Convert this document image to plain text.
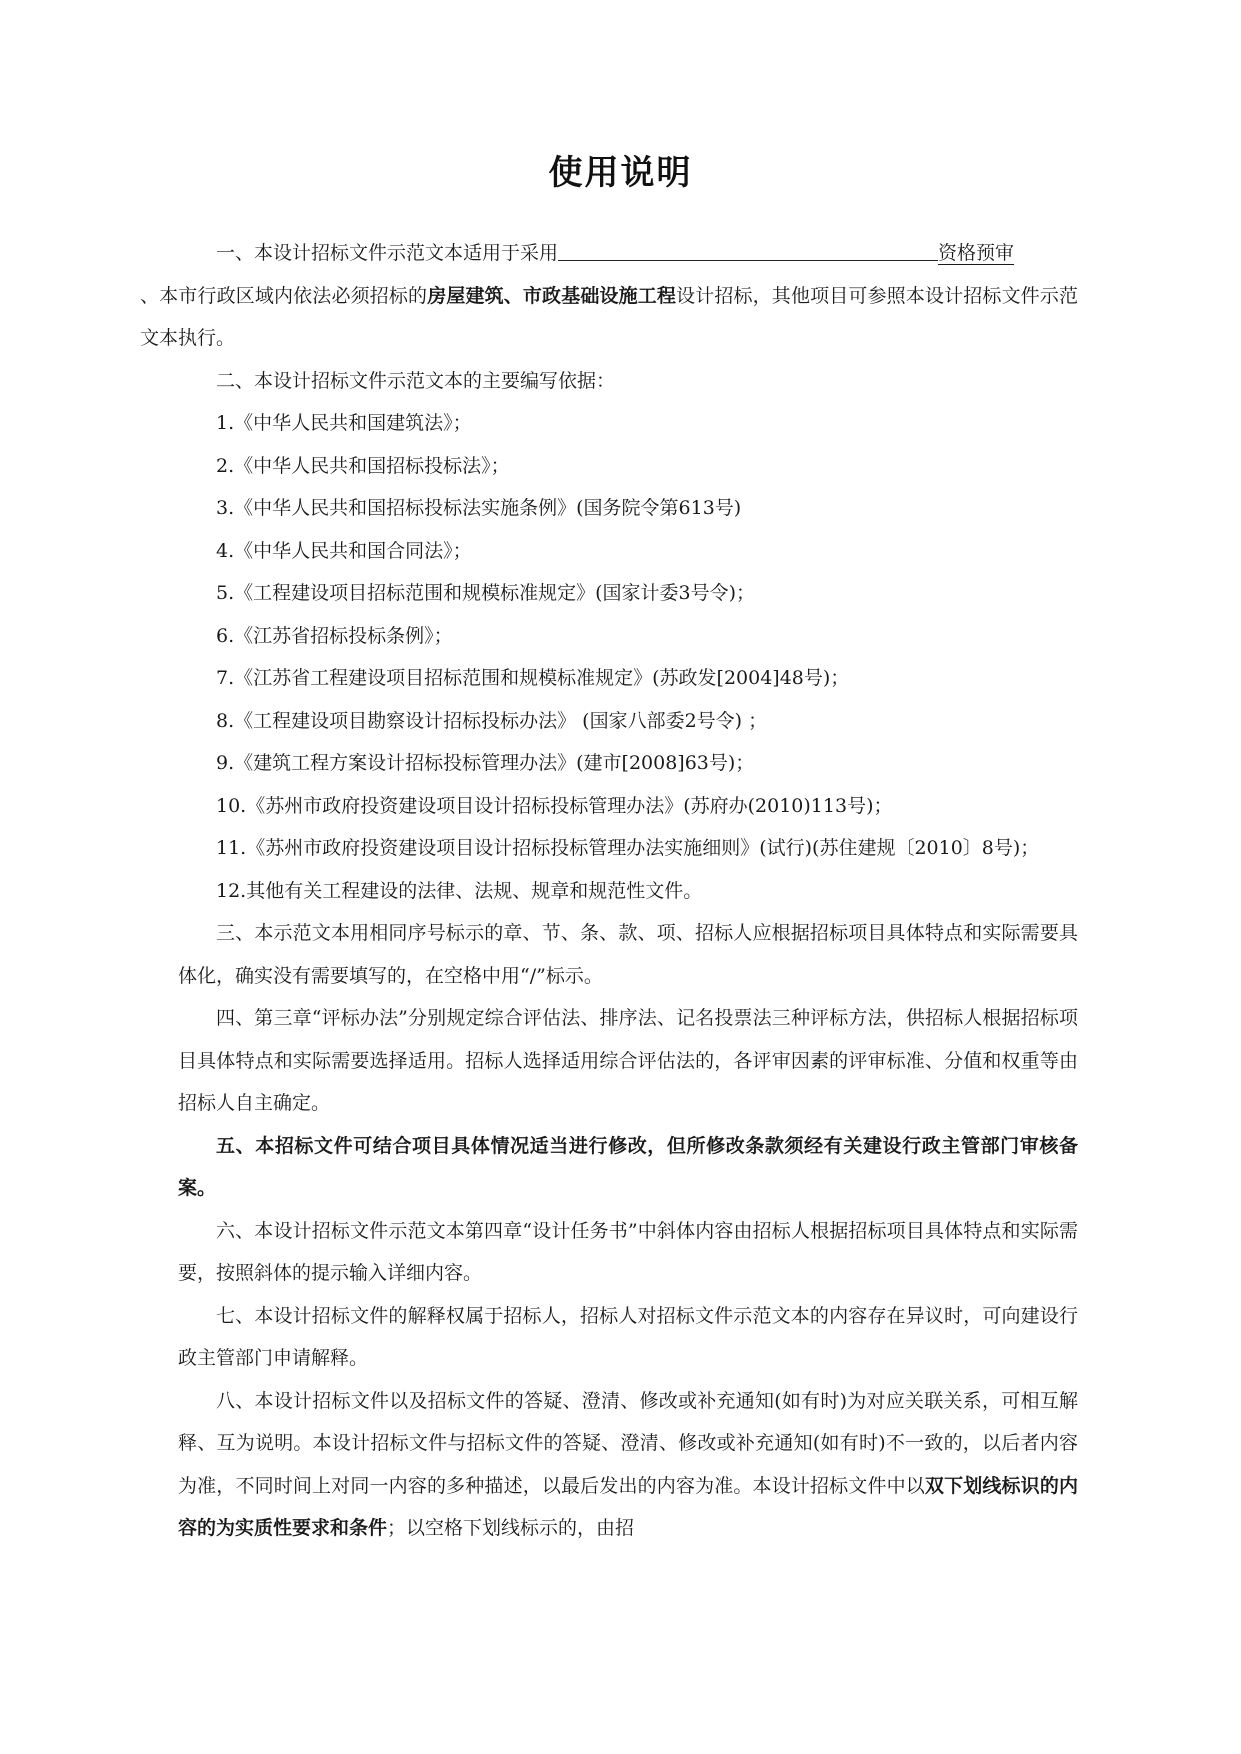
使用说明

一、本设计招标文件示范文本适用于采用	资格预审
、本市行政区域内依法必须招标的房屋建筑、市政基础设施工程设计招标，其他项目可参照本设计招标文件示范文本执行。

二、本设计招标文件示范文本的主要编写依据：

1.《中华人民共和国建筑法》；

2.《中华人民共和国招标投标法》；

3.《中华人民共和国招标投标法实施条例》(国务院令第613号)

4.《中华人民共和国合同法》；

5.《工程建设项目招标范围和规模标准规定》(国家计委3号令)；

6.《江苏省招标投标条例》；

7.《江苏省工程建设项目招标范围和规模标准规定》(苏政发[2004]48号)；

8.《工程建设项目勘察设计招标投标办法》 (国家八部委2号令) ；

9.《建筑工程方案设计招标投标管理办法》(建市[2008]63号)；

10.《苏州市政府投资建设项目设计招标投标管理办法》(苏府办(2010)113号)；

11.《苏州市政府投资建设项目设计招标投标管理办法实施细则》(试行)(苏住建规〔2010〕8号)；

12.其他有关工程建设的法律、法规、规章和规范性文件。

三、本示范文本用相同序号标示的章、节、条、款、项、招标人应根据招标项目具体特点和实际需要具体化，确实没有需要填写的，在空格中用“/”标示。

四、第三章“评标办法”分别规定综合评估法、排序法、记名投票法三种评标方法，供招标人根据招标项目具体特点和实际需要选择适用。招标人选择适用综合评估法的，各评审因素的评审标准、分值和权重等由招标人自主确定。

五、本招标文件可结合项目具体情况适当进行修改，但所修改条款须经有关建设行政主管部门审核备案。

六、本设计招标文件示范文本第四章“设计任务书”中斜体内容由招标人根据招标项目具体特点和实际需要，按照斜体的提示输入详细内容。

七、本设计招标文件的解释权属于招标人，招标人对招标文件示范文本的内容存在异议时，可向建设行政主管部门申请解释。

八、本设计招标文件以及招标文件的答疑、澄清、修改或补充通知(如有时)为对应关联关系，可相互解释、互为说明。本设计招标文件与招标文件的答疑、澄清、修改或补充通知(如有时)不一致的，以后者内容为准，不同时间上对同一内容的多种描述，以最后发出的内容为准。本设计招标文件中以双下划线标识的内容的为实质性要求和条件；以空格下划线标示的，由招
